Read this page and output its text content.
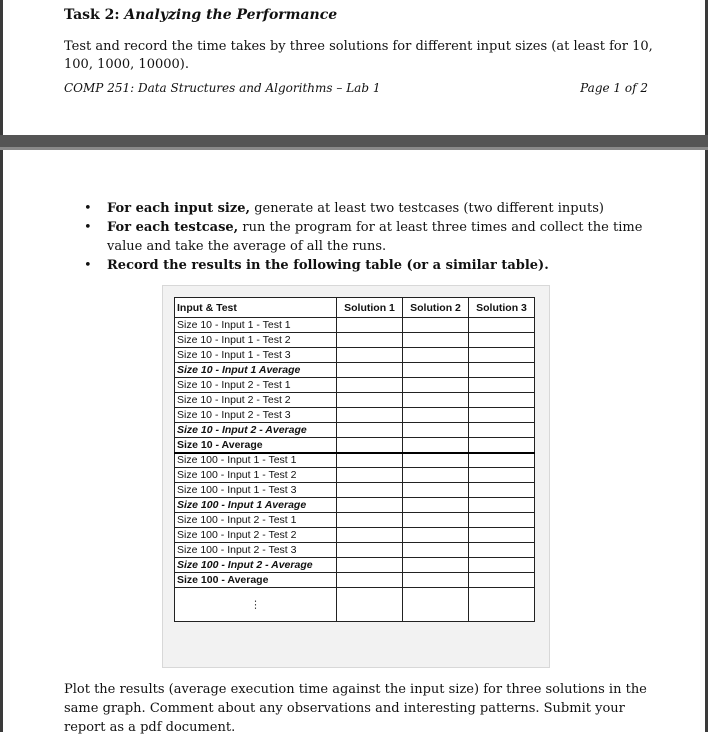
Task 2: Analyzing the Performance
Test and record the time takes by three solutions for different input sizes (at least for 10, 100, 1000, 10000).
COMP 251: Data Structures and Algorithms – Lab 1	Page 1 of 2
• For each input size, generate at least two testcases (two different inputs)
• For each testcase, run the program for at least three times and collect the time value and take the average of all the runs.
• Record the results in the following table (or a similar table).
Input & Test	Solution 1	Solution 2	Solution 3
Size 10 - Input 1 - Test 1			
Size 10 - Input 1 - Test 2			
Size 10 - Input 1 - Test 3			
Size 10 - Input 1 Average			
Size 10 - Input 2 - Test 1			
Size 10 - Input 2 - Test 2			
Size 10 - Input 2 - Test 3			
Size 10 - Input 2 - Average			
Size 10 - Average			
Size 100 - Input 1 - Test 1			
Size 100 - Input 1 - Test 2			
Size 100 - Input 1 - Test 3			
Size 100 - Input 1 Average			
Size 100 - Input 2 - Test 1			
Size 100 - Input 2 - Test 2			
Size 100 - Input 2 - Test 3			
Size 100 - Input 2 - Average			
Size 100 - Average			
⋮			
Plot the results (average execution time against the input size) for three solutions in the same graph. Comment about any observations and interesting patterns. Submit your report as a pdf document.
